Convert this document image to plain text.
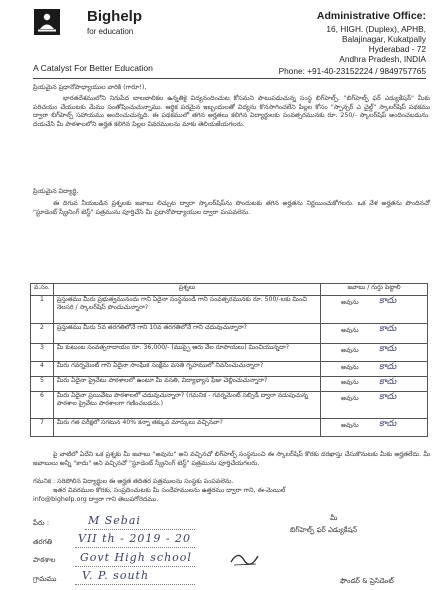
Bighelp
for education
A Catalyst For Better Education
Administrative Office:
16, HIGH. (Duplex), APHB,
Balajinagar, Kukatpally
Hyderabad - 72
Andhra Pradesh, INDIA
Phone: +91-40-23152224 / 9849757765

ప్రియమైన ప్రధానోపాధ్యాయుల వారికి (గారూ!),

భారతదేశములోని నిరుపేద బాలబాలికల ఉన్నతికై విద్యనందించుట కోసమని పాటుపడుచున్న సంస్థ బిగ్‌హెల్ప్. "బిగ్‌హెల్ప్ ఫర్ ఎడ్యుకేషన్" మీకు పరిచయం చేయుటకు మేము సంతోషించుచున్నాము. ఆర్థిక పరమైన ఇబ్బందులతో విద్యను కొనసాగించలేని పిల్లల కోసం "స్పాన్సర్ ఎ చైల్డ్" స్కాలర్‌షిప్ పథకము ద్వారా బిగ్‌హెల్ప్ సహాయము అందించుచున్నది. ఈ పథకములో తగిన అర్హతలు కలిగిన విద్యార్థులకు సంవత్సరమునకు రూ. 250/- స్కాలర్‌షిప్ అందించబడును. దయచేసి మీ పాఠశాలలోని అర్హత కలిగిన పిల్లల వివరములను మాకు తెలియజేయగలరు.

ప్రియమైన విద్యార్థి,

ఈ దిగువ నీయబడిన ప్రశ్నలకు జవాబు లిచ్చుట ద్వారా స్కాలర్‌షిప్‌ను పొందుటకు తగిన అర్హతను నిర్ణయించుకోగలరు. ఒక వేళ అర్హతను పొందినచో "స్టూడెంట్ స్క్రీనింగ్ టెస్ట్" పత్రమును పూర్తిచేసి మీ ప్రధానోపాధ్యాయుల ద్వారా పంపవలెను.

వ.సం.	ప్రశ్నలు	జవాబు / గుర్తు పెట్టాలి
1	ప్రస్తుతము మీరు ప్రభుత్వమునందు గాని ఏదైనా సంస్థనుండి గాని సంవత్సరమునకు రూ. 500/-లకు మించి నెలసరి / స్కాలర్‌షిప్ పొందుచున్నారా?	అవును కాదు

2	ప్రస్తుతము మీరు 5వ తరగతిలోనే గాని 10వ తరగతిలోనే గాని చదువుచున్నారా?	అవును కాదు

3	మీ కుటుంబ సంవత్సరాదాయం రూ. 36,000/- (ముప్పై ఆరు వేల రూపాయలు) మించియున్నదా?	అవును కాదు

4	మీరు గవర్నమెంట్ గాని ఏదైనా సాంఘిక సంక్షేమ వసతి గృహములో నివసించుచున్నారా?	అవును కాదు

5	మీరు ఏదైనా ప్రైవేటు పాఠశాలలో ఉంటూ మీ వసతి, విద్యాభ్యాస ఫీజు చెల్లించుచున్నారా?	అవును కాదు

6	మీరు ఏదైనా ప్రయివేటు పాఠశాలలో చదువుచున్నారా? (గమనిక - గవర్నమెంట్ సబ్సిడీ ద్వారా నడుపుచున్న పాఠశాల ప్రైవేటు పాఠశాలగా గణించబడదు.)	అవును కాదు

7	మీరు గత పరీక్షలో సగటున 40% కన్నా తక్కువ మార్కులు వచ్చినవా?	అవును కాదు

పై వాటిలో ఏదేని ఒక ప్రశ్నకు మీ జవాబు "అవును" అని వచ్చినచో బిగ్‌హెల్ప్ సంస్థనుంచి ఈ స్కాలర్‌షిప్ కొరకు దరఖాస్తు చేసుకొనుటకు మీకు అర్హతలేదు. మీ జవాబులు అన్నీ "కాదు" అని వచ్చినచో "స్టూడెంట్ స్క్రీనింగ్ టెస్ట్" పత్రమును పూర్తిచేయగలరు.

గమనిక : సరిపోలిన విద్యార్థుల ఈ అర్హత తదితర పత్రములను సంస్థకు పంపవలెను.

ఇతర వివరముల కొరకు, సంప్రదించుటకు మీ సందేహములను ఉత్తరము ద్వారా గాని, ఈ-మెయిల్

info@bighelp.org ద్వారా గాని తెలుపగోరెదము.

పేరు :	M Sebai
తరగతి VII th - 2019 - 20
పాఠశాల Govt High school
గ్రామము V. P. south
మీ
బిగ్‌హెల్ప్ ఫర్ ఎడ్యుకేషన్
ఫౌండర్ & ప్రెసిడెంట్
